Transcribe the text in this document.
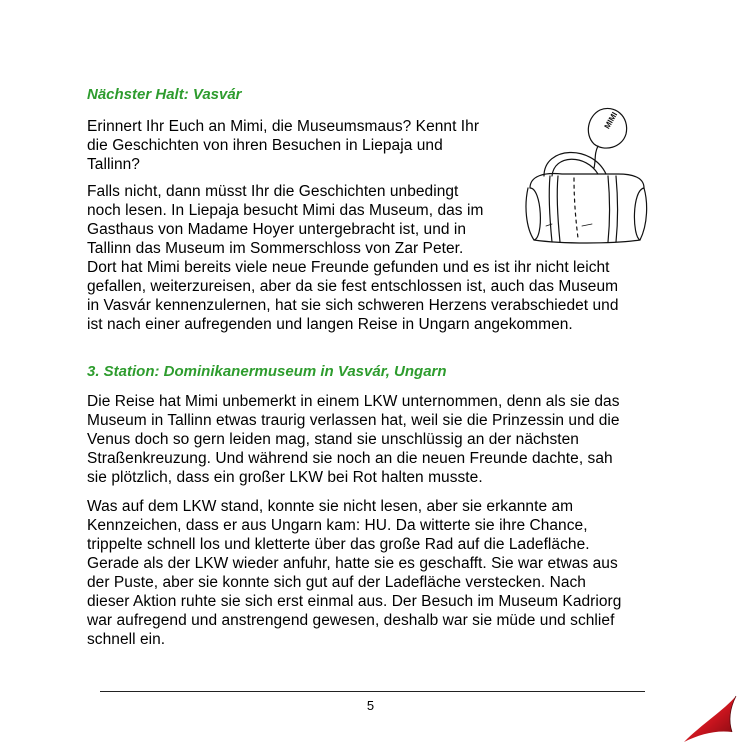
Nächster Halt: Vasvár

Erinnert Ihr Euch an Mimi, die Museumsmaus? Kennt Ihr
die Geschichten von ihren Besuchen in Liepaja und
Tallinn?

Falls nicht, dann müsst Ihr die Geschichten unbedingt
noch lesen. In Liepaja besucht Mimi das Museum, das im
Gasthaus von Madame Hoyer untergebracht ist, und in
Tallinn das Museum im Sommerschloss von Zar Peter.
Dort hat Mimi bereits viele neue Freunde gefunden und es ist ihr nicht leicht
gefallen, weiterzureisen, aber da sie fest entschlossen ist, auch das Museum
in Vasvár kennenzulernen, hat sie sich schweren Herzens verabschiedet und
ist nach einer aufregenden und langen Reise in Ungarn angekommen.

MIMI
3. Station: Dominikanermuseum in Vasvár, Ungarn

Die Reise hat Mimi unbemerkt in einem LKW unternommen, denn als sie das
Museum in Tallinn etwas traurig verlassen hat, weil sie die Prinzessin und die
Venus doch so gern leiden mag, stand sie unschlüssig an der nächsten
Straßenkreuzung. Und während sie noch an die neuen Freunde dachte, sah
sie plötzlich, dass ein großer LKW bei Rot halten musste.

Was auf dem LKW stand, konnte sie nicht lesen, aber sie erkannte am
Kennzeichen, dass er aus Ungarn kam: HU. Da witterte sie ihre Chance,
trippelte schnell los und kletterte über das große Rad auf die Ladefläche.
Gerade als der LKW wieder anfuhr, hatte sie es geschafft. Sie war etwas aus
der Puste, aber sie konnte sich gut auf der Ladefläche verstecken. Nach
dieser Aktion ruhte sie sich erst einmal aus. Der Besuch im Museum Kadriorg
war aufregend und anstrengend gewesen, deshalb war sie müde und schlief
schnell ein.

5
